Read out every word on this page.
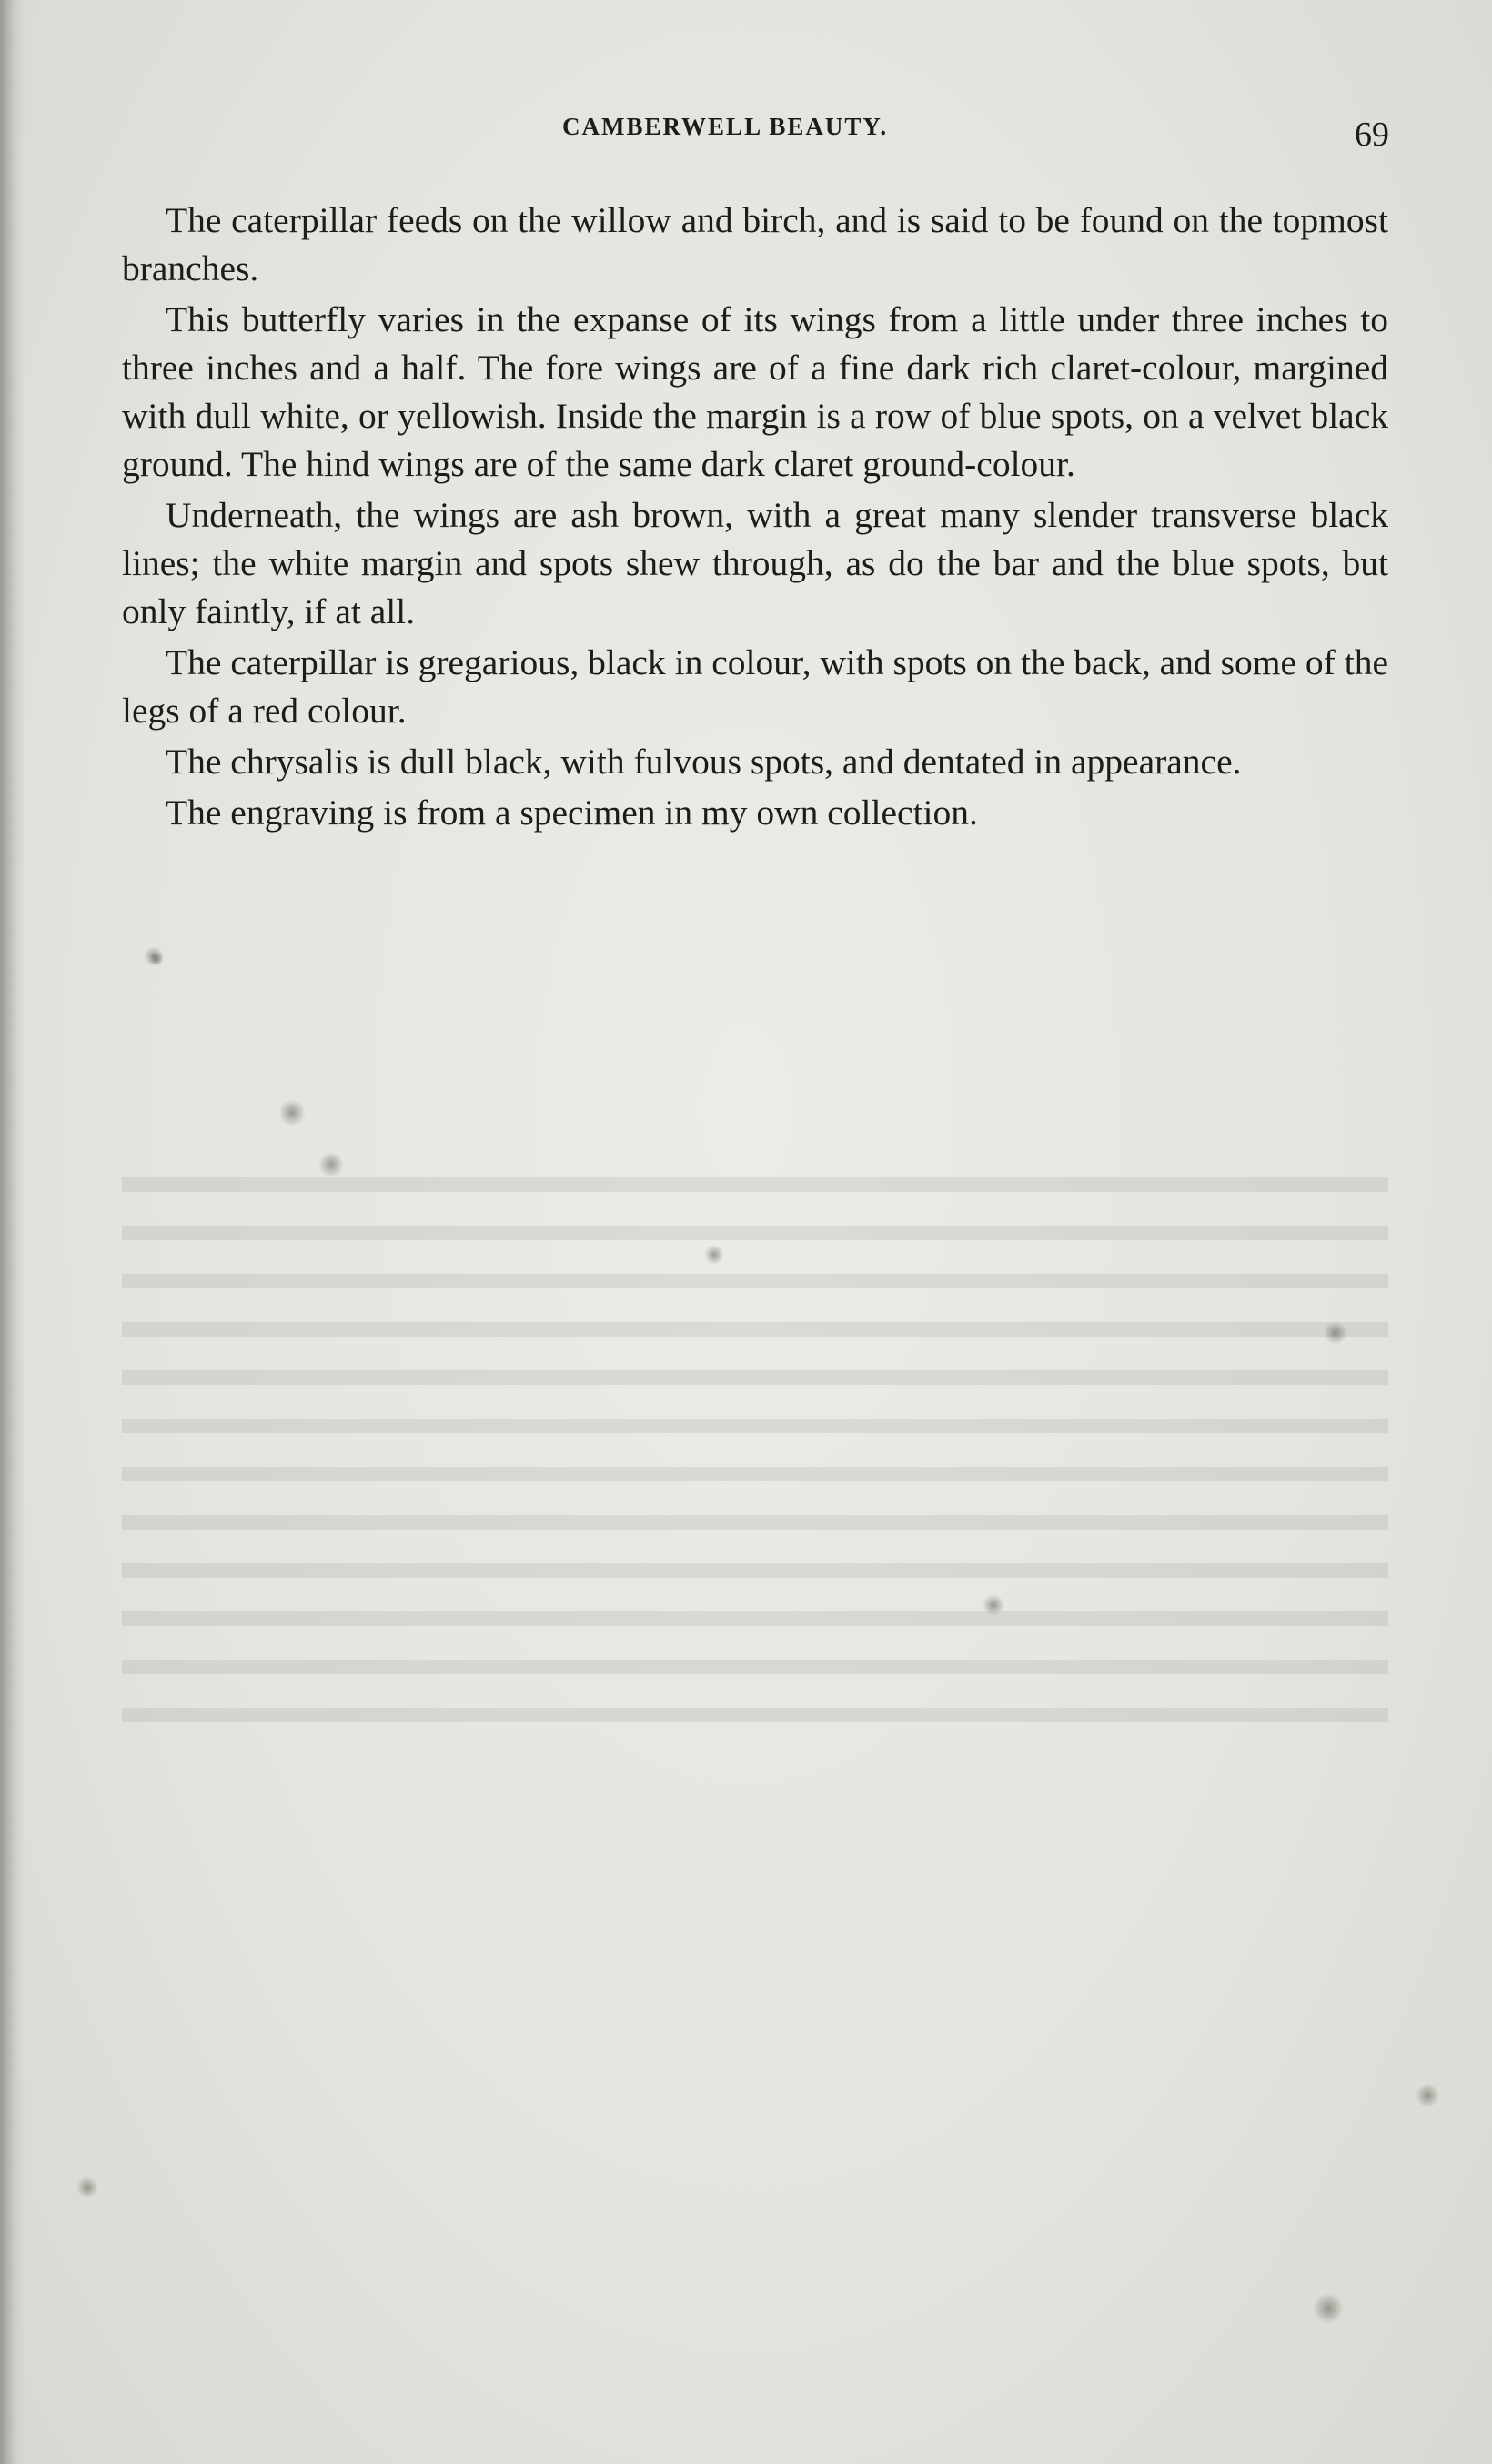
CAMBERWELL BEAUTY.	69

The caterpillar feeds on the willow and birch, and is said to be found on the topmost branches.

This butterfly varies in the expanse of its wings from a little under three inches to three inches and a half. The fore wings are of a fine dark rich claret-colour, margined with dull white, or yellowish. Inside the margin is a row of blue spots, on a velvet black ground. The hind wings are of the same dark claret ground-colour.

Underneath, the wings are ash brown, with a great many slender transverse black lines; the white margin and spots shew through, as do the bar and the blue spots, but only faintly, if at all.

The caterpillar is gregarious, black in colour, with spots on the back, and some of the legs of a red colour.

The chrysalis is dull black, with fulvous spots, and dentated in appearance.

The engraving is from a specimen in my own collection.
